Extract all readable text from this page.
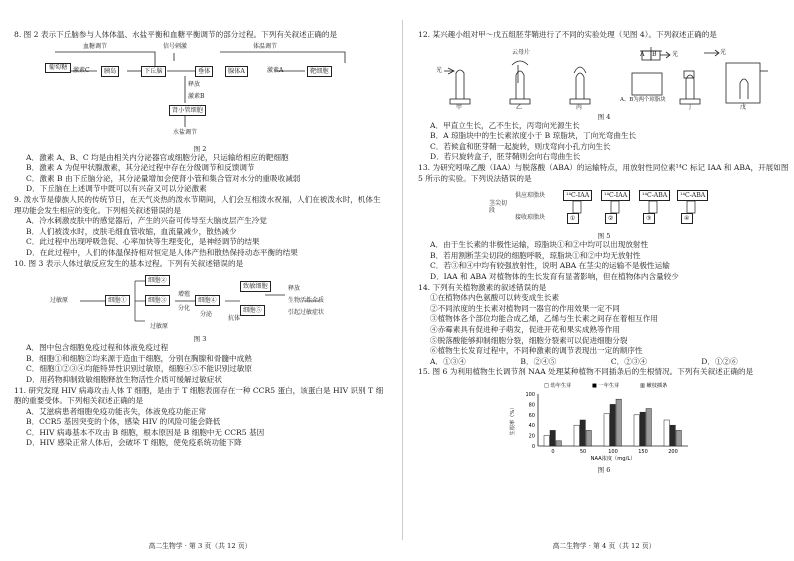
8. 图 2 表示下丘脑参与人体体温、水盐平衡和血糖平衡调节的部分过程。下列有关叙述正确的是

血糖调节	信号刺激	体温调节
葡萄糖 激素C	胰岛	下丘脑	垂体	腺体A	激素A	靶细胞
释放
激素B
肾小管细胞
水盐调节

图 2

A．激素 A、B、C 均是由相关内分泌器官或细胞分泌，只运输给相应的靶细胞

B．激素 A 为促甲状腺激素，其分泌过程中存在分级调节和反馈调节

C．激素 B 由下丘脑分泌，其分泌量增加会使肾小管和集合管对水分的重吸收减弱

D．下丘脑在上述调节中既可以有兴奋又可以分泌激素

9. 泼水节是傣族人民的传统节日，在天气炎热的泼水节期间，人们会互相泼水祝福，人们在被泼水时，机体生理功能会发生相应的变化。下列相关叙述错误的是

A．冷水刺激皮肤中的感觉器后，产生的兴奋可传导至大脑皮层产生冷觉

B．人们被泼水时，皮肤毛细血管收缩，血流量减少，散热减少

C．此过程中出现呼吸急促、心率加快等生理变化，是神经调节的结果

D．在此过程中，人们的体温保持相对恒定是人体产热和散热保持动态平衡的结果

10. 图 3 表示人体过敏反应发生的基本过程。下列有关叙述错误的是

过敏原	细胞①
细胞②
细胞③
增殖
分化
细胞④
分泌
抗体
致敏细胞
细胞⑤
释放
生物活性介质
引起过敏症状
过敏原

图 3

A．图中包含细胞免疫过程和体液免疫过程

B．细胞①和细胞②均来源于造血干细胞，分别在胸腺和骨髓中成熟

C．细胞①②③④均能特异性识别过敏原，细胞④⑤不能识别过敏原

D．用药物抑制致敏细胞释放生物活性介质可缓解过敏症状

11. 研究发现 HIV 病毒攻击人体 T 细胞，是由于 T 细胞表面存在一种 CCR5 蛋白，该蛋白是 HIV 识别 T 细胞的重要受体。下列相关叙述正确的是

A．艾滋病患者细胞免疫功能丧失，体液免疫功能正常

B．CCR5 基因突变的个体，感染 HIV 的风险可能会降低

C．HIV 病毒基本不攻击 B 细胞，根本原因是 B 细胞中无 CCR5 基因

D．HIV 感染正常人体后，会破坏 T 细胞，使免疫系统功能下降

高二生物学 · 第 3 页（共 12 页）

12. 某兴趣小组对甲～戊五组胚芽鞘进行了不同的实验处理（见图 4）。下列叙述正确的是

光
云母片	A B	光	光
A、B为两个琼脂块
甲	乙	丙	丁	戊

图 4

A．甲直立生长，乙不生长，丙弯向光源生长

B．A 琼脂块中的生长素浓度小于 B 琼脂块，丁向光弯曲生长

C．若候盒和胚芽鞘一起旋转，则戊弯向小孔方向生长

D．若只旋转盒子，胚芽鞘则会向右弯曲生长

13. 为研究吲哚乙酸（IAA）与脱落酸（ABA）的运输特点，用放射性同位素¹⁴C 标记 IAA 和 ABA，开展如图 5 所示的实验。下列说法错误的是

茎尖切段
供应琼脂块
接收琼脂块
¹⁴C-IAA	¹⁴C-IAA	¹⁴C-ABA	¹⁴C-ABA
①	②	③	④

图 5

A．由于生长素的非极性运输，琼脂块①和②中均可以出现放射性

B．若用割断茎尖切段的细胞呼吸，琼脂块①和②中均无放射性

C．若③和④中均有较强放射性，说明 ABA 在茎尖的运输不是极性运输

D．IAA 和 ABA 对植物体的生长发育有显著影响，但在植物体内含量较少

14. 下列有关植物激素的叙述错误的是

①在植物体内色氨酸可以转变成生长素

②不同浓度的生长素对植物同一器官的作用效果一定不同

③植物体各个部位均能合成乙烯，乙烯与生长素之间存在着相互作用

④赤霉素具有促进种子萌发，促进开花和果实成熟等作用

⑤脱落酸能够抑制细胞分裂，细胞分裂素可以促进细胞分裂

⑥植物生长发育过程中，不同种激素的调节表现出一定的顺序性

A．①③④	B．②④⑤	C．②③④	D．①②⑥

15. 图 6 为利用植物生长调节剂 NAA 处理某种植物不同插条后的生根情况。下列有关叙述正确的是

0
20
40
60
80
100
0	50	100	150	200
NAA浓度（mg/L）
生根率（%）
□ 幼年生芽	■ 一年生芽	▥ 嫩枝插条

图 6

高二生物学 · 第 4 页（共 12 页）
